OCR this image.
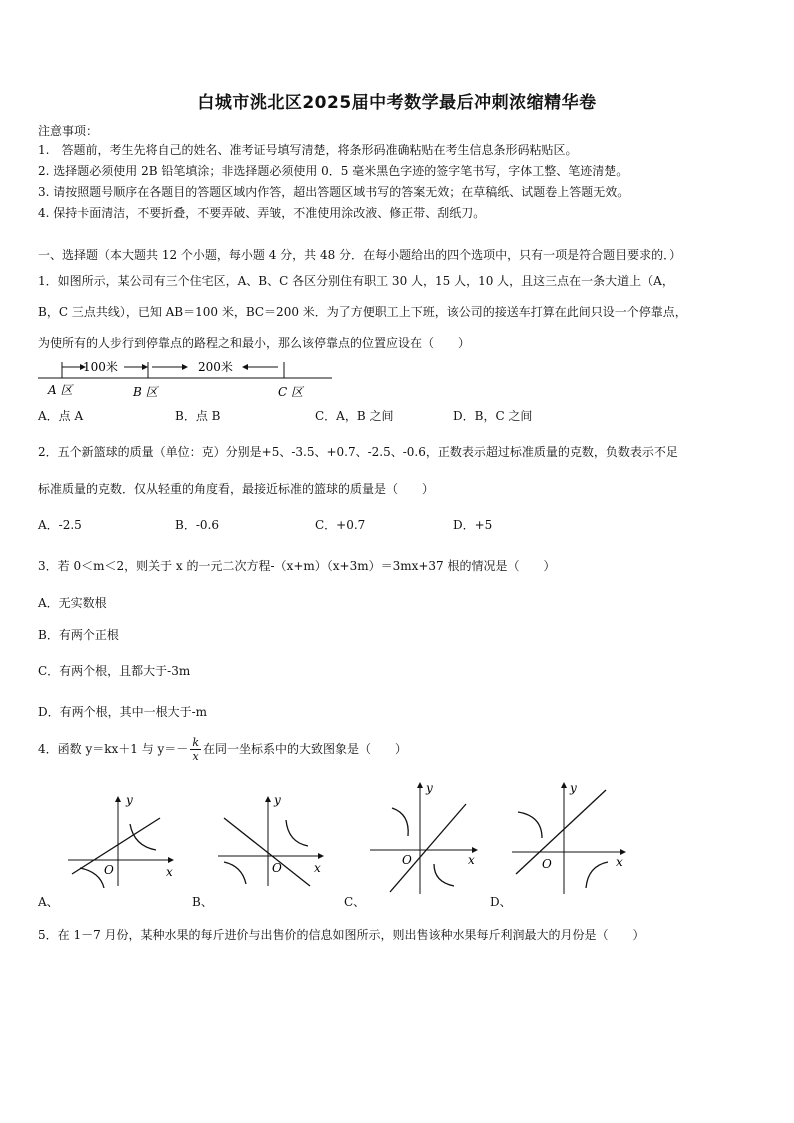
白城市洮北区2025届中考数学最后冲刺浓缩精华卷
注意事项：
1.　答题前，考生先将自己的姓名、准考证号填写清楚，将条形码准确粘贴在考生信息条形码粘贴区。
2. 选择题必须使用 2B 铅笔填涂；非选择题必须使用 0．5 毫米黑色字迹的签字笔书写，字体工整、笔迹清楚。
3. 请按照题号顺序在各题目的答题区域内作答，超出答题区域书写的答案无效；在草稿纸、试题卷上答题无效。
4. 保持卡面清洁，不要折叠，不要弄破、弄皱，不准使用涂改液、修正带、刮纸刀。
一、选择题（本大题共 12 个小题，每小题 4 分，共 48 分．在每小题给出的四个选项中，只有一项是符合题目要求的．）
1．如图所示，某公司有三个住宅区，A、B、C 各区分别住有职工 30 人，15 人，10 人，且这三点在一条大道上（A，
B，C 三点共线），已知 AB＝100 米，BC＝200 米．为了方便职工上下班，该公司的接送车打算在此间只设一个停靠点，
为使所有的人步行到停靠点的路程之和最小，那么该停靠点的位置应设在（　　）
100米	200米
A 区	B 区	C 区
A．点 A	B．点 B	C．A，B 之间	D．B，C 之间
2．五个新篮球的质量（单位：克）分别是+5、-3.5、+0.7、-2.5、-0.6，正数表示超过标准质量的克数，负数表示不足
标准质量的克数．仅从轻重的角度看，最接近标准的篮球的质量是（　　）
A．-2.5	B．-0.6	C．+0.7	D．+5
3．若 0＜m＜2，则关于 x 的一元二次方程-（x+m）（x+3m）＝3mx+37 根的情况是（　　）
A．无实数根
B．有两个正根
C．有两个根，且都大于-3m
D．有两个根，其中一根大于-m
4．函数 y＝kx＋1 与 $y=- \frac{k}{x}$ 在同一坐标系中的大致图象是（　　）
y
x
O
A、
y
x
O
B、
y
x
O
C、
y
x
O
D、
5．在 1－7 月份，某种水果的每斤进价与出售价的信息如图所示，则出售该种水果每斤利润最大的月份是（　　）
